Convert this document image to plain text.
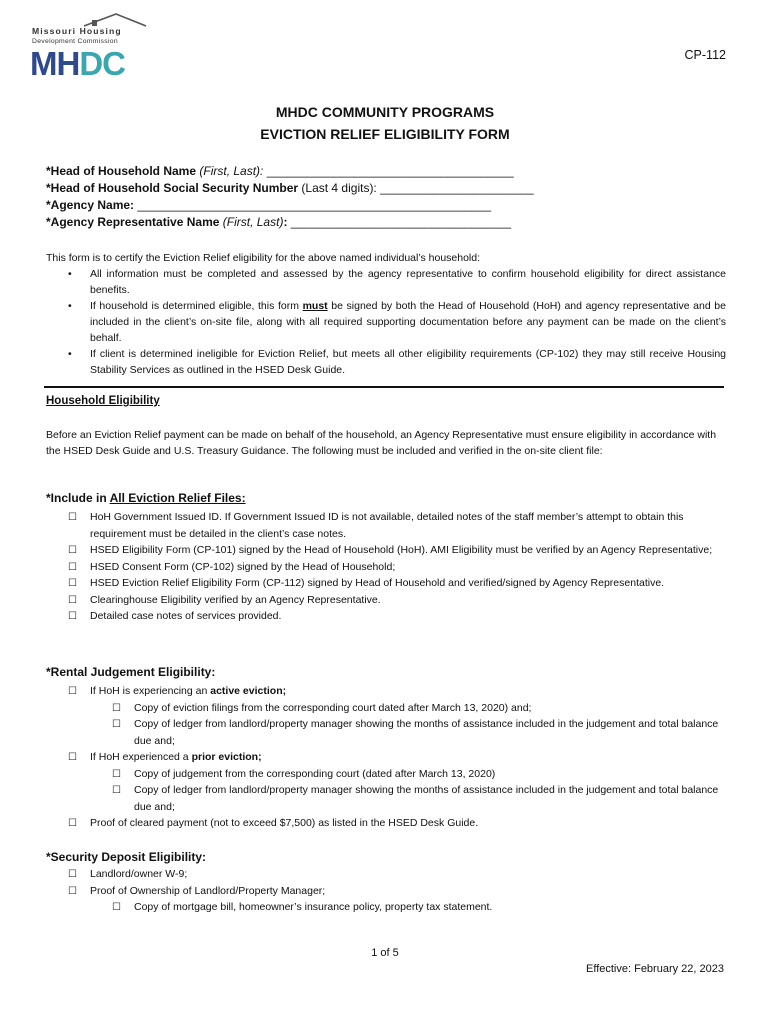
Missouri Housing
Development Commission
MHDC	CP-112
MHDC COMMUNITY PROGRAMS
EVICTION RELIEF ELIGIBILITY FORM
*Head of Household Name (First, Last): _____________________________________
*Head of Household Social Security Number (Last 4 digits): _______________________
*Agency Name: _____________________________________________________
*Agency Representative Name (First, Last): _________________________________
This form is to certify the Eviction Relief eligibility for the above named individual’s household:
• All information must be completed and assessed by the agency representative to confirm household eligibility for direct assistance benefits.
• If household is determined eligible, this form must be signed by both the Head of Household (HoH) and agency representative and be included in the client’s on-site file, along with all required supporting documentation before any payment can be made on the client’s behalf.
• If client is determined ineligible for Eviction Relief, but meets all other eligibility requirements (CP-102) they may still receive Housing Stability Services as outlined in the HSED Desk Guide.
Household Eligibility
Before an Eviction Relief payment can be made on behalf of the household, an Agency Representative must ensure eligibility in accordance with the HSED Desk Guide and U.S. Treasury Guidance. The following must be included and verified in the on-site client file:
*Include in All Eviction Relief Files:
☐ HoH Government Issued ID. If Government Issued ID is not available, detailed notes of the staff member’s attempt to obtain this requirement must be detailed in the client’s case notes.
☐ HSED Eligibility Form (CP-101) signed by the Head of Household (HoH). AMI Eligibility must be verified by an Agency Representative;
☐ HSED Consent Form (CP-102) signed by the Head of Household;
☐ HSED Eviction Relief Eligibility Form (CP-112) signed by Head of Household and verified/signed by Agency Representative.
☐ Clearinghouse Eligibility verified by an Agency Representative.
☐ Detailed case notes of services provided.
*Rental Judgement Eligibility:
☐ If HoH is experiencing an active eviction;
☐ Copy of eviction filings from the corresponding court dated after March 13, 2020) and;
☐ Copy of ledger from landlord/property manager showing the months of assistance included in the judgement and total balance due and;
☐ If HoH experienced a prior eviction;
☐ Copy of judgement from the corresponding court (dated after March 13, 2020)
☐ Copy of ledger from landlord/property manager showing the months of assistance included in the judgement and total balance due and;
☐ Proof of cleared payment (not to exceed $7,500) as listed in the HSED Desk Guide.
*Security Deposit Eligibility:
☐ Landlord/owner W-9;
☐ Proof of Ownership of Landlord/Property Manager;
☐ Copy of mortgage bill, homeowner’s insurance policy, property tax statement.
1 of 5
Effective: February 22, 2023
